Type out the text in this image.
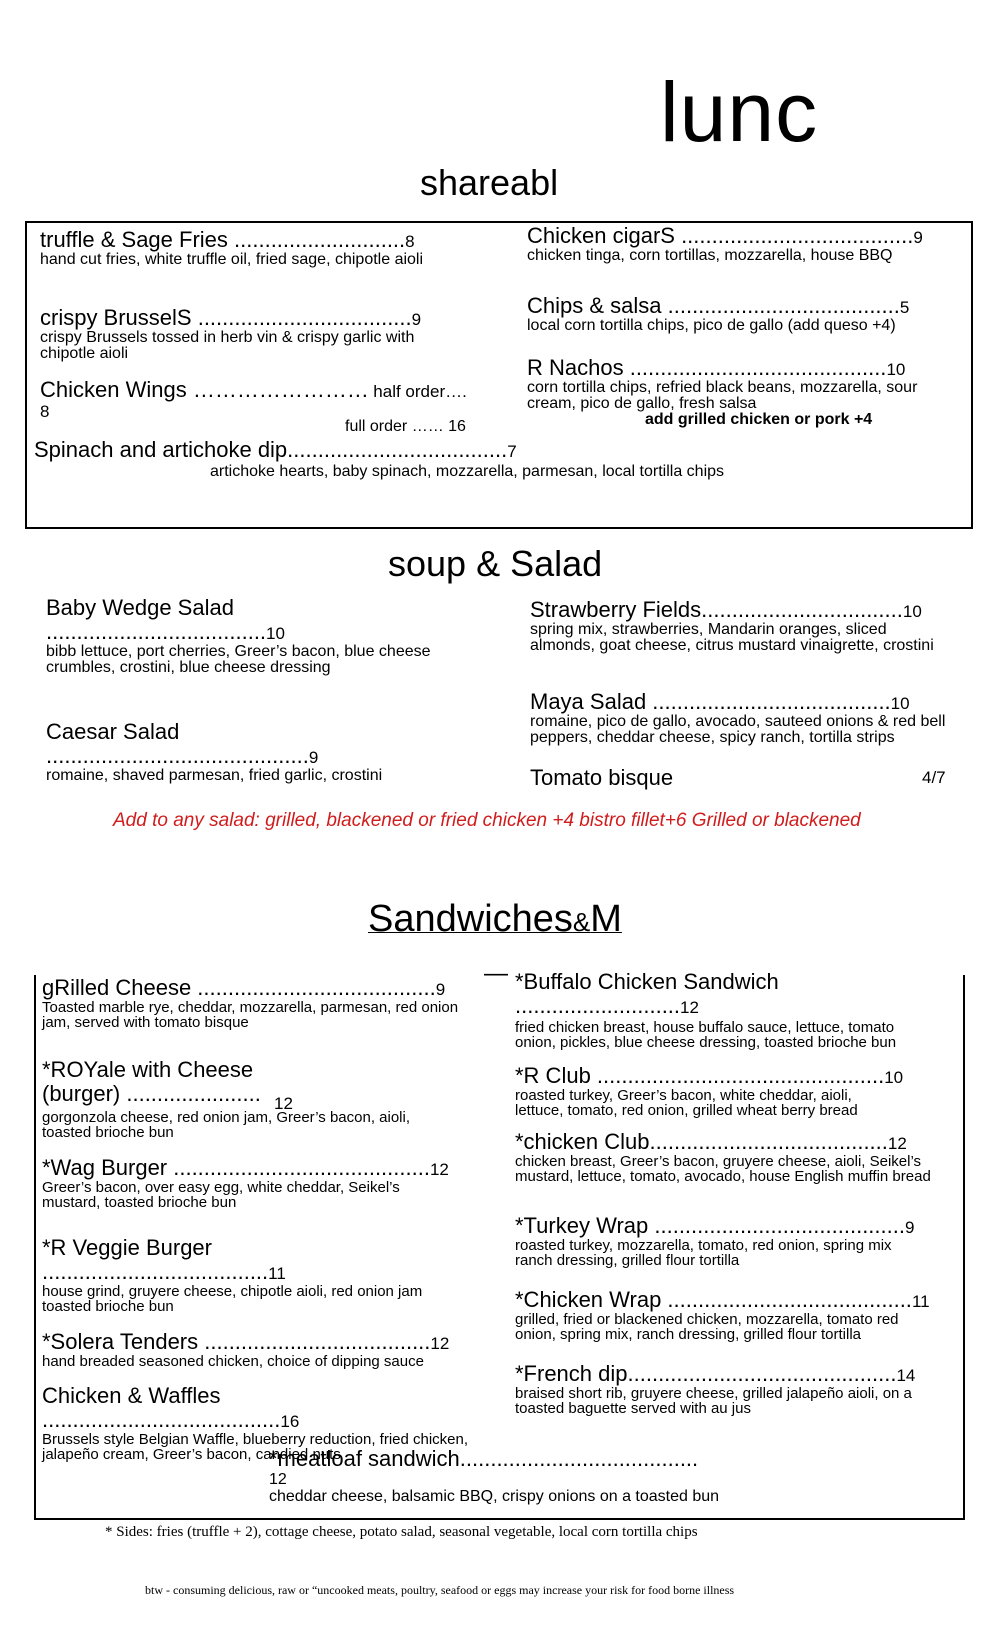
lunc
shareabl
truffle & Sage Fries ............................8
hand cut fries, white truffle oil, fried sage, chipotle aioli
crispy BrusselS ...................................9
crispy Brussels tossed in herb vin & crispy garlic with chipotle aioli
Chicken Wings …………………… half order…. 8
full order …… 16
Chicken cigarS ......................................9
chicken tinga, corn tortillas, mozzarella, house BBQ
Chips & salsa ......................................5
local corn tortilla chips, pico de gallo (add queso +4)
R Nachos ..........................................10
corn tortilla chips, refried black beans, mozzarella, sour cream, pico de gallo, fresh salsa
add grilled chicken or pork +4
Spinach and artichoke dip....................................7
artichoke hearts, baby spinach, mozzarella, parmesan, local tortilla chips
soup & Salad
Baby Wedge Salad ....................................10
bibb lettuce, port cherries, Greer’s bacon, blue cheese crumbles, crostini, blue cheese dressing
Caesar Salad ...........................................9
romaine, shaved parmesan, fried garlic, crostini
Strawberry Fields.................................10
spring mix, strawberries, Mandarin oranges, sliced almonds, goat cheese, citrus mustard vinaigrette, crostini
Maya Salad .......................................10
romaine, pico de gallo, avocado, sauteed onions & red bell peppers, cheddar cheese, spicy ranch, tortilla strips
Tomato bisque	4/7
Add to any salad: grilled, blackened or fried chicken +4 bistro fillet+6 Grilled or blackened
Sandwiches&M
—
gRilled Cheese .......................................9
Toasted marble rye, cheddar, mozzarella, parmesan, red onion jam, served with tomato bisque
*ROYale with Cheese (burger) ...................... 12
gorgonzola cheese, red onion jam, Greer’s bacon, aioli, toasted brioche bun
*Wag Burger ..........................................12
Greer’s bacon, over easy egg, white cheddar, Seikel’s mustard, toasted brioche bun
*R Veggie Burger .....................................11
house grind, gruyere cheese, chipotle aioli, red onion jam toasted brioche bun
*Solera Tenders .....................................12
hand breaded seasoned chicken, choice of dipping sauce
Chicken & Waffles .......................................16
Brussels style Belgian Waffle, blueberry reduction, fried chicken, jalapeño cream, Greer’s bacon, candied nuts
*Buffalo Chicken Sandwich ...........................12
fried chicken breast, house buffalo sauce, lettuce, tomato onion, pickles, blue cheese dressing, toasted brioche bun
*R Club ...............................................10
roasted turkey, Greer’s bacon, white cheddar, aioli, lettuce, tomato, red onion, grilled wheat berry bread
*chicken Club.......................................12
chicken breast, Greer’s bacon, gruyere cheese, aioli, Seikel’s mustard, lettuce, tomato, avocado, house English muffin bread
*Turkey Wrap .........................................9
roasted turkey, mozzarella, tomato, red onion, spring mix ranch dressing, grilled flour tortilla
*Chicken Wrap ........................................11
grilled, fried or blackened chicken, mozzarella, tomato red onion, spring mix, ranch dressing, grilled flour tortilla
*French dip............................................14
braised short rib, gruyere cheese, grilled jalapeño aioli, on a toasted baguette served with au jus
*meatloaf sandwich.......................................
12
cheddar cheese, balsamic BBQ, crispy onions on a toasted bun
* Sides: fries (truffle + 2), cottage cheese, potato salad, seasonal vegetable, local corn tortilla chips
btw - consuming delicious, raw or “uncooked meats, poultry, seafood or eggs may increase your risk for food borne illness
